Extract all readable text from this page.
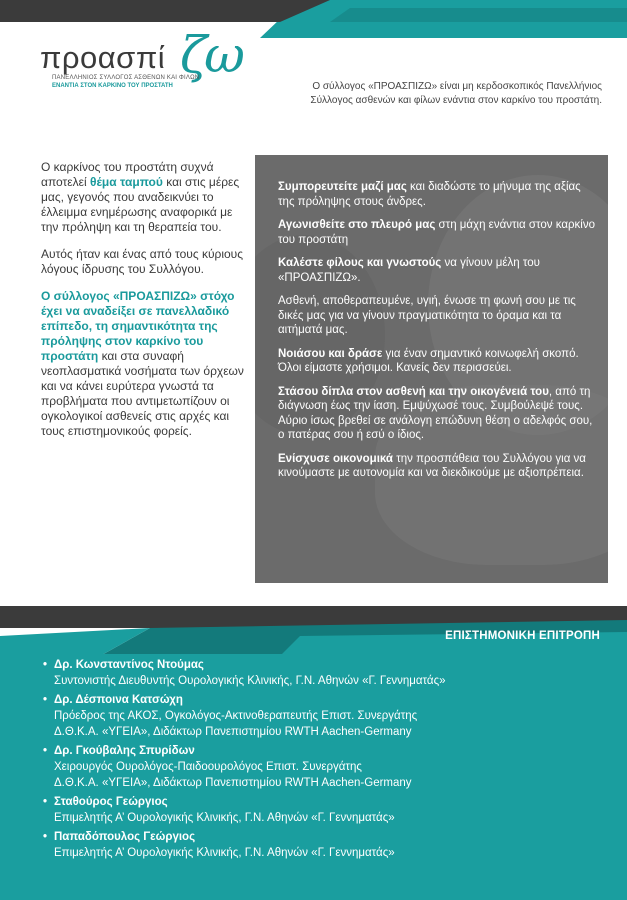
προασπί ζω
ΠΑΝΕΛΛΗΝΙΟΣ ΣΥΛΛΟΓΟΣ ΑΣΘΕΝΩΝ ΚΑΙ ΦΙΛΩΝ
ΕΝΑΝΤΙΑ ΣΤΟΝ ΚΑΡΚΙΝΟ ΤΟΥ ΠΡΟΣΤΑΤΗ	Ο σύλλογος «ΠΡΟΑΣΠΙΖΩ» είναι μη κερδοσκοπικός Πανελλήνιος
Σύλλογος ασθενών και φίλων ενάντια στον καρκίνο του προστάτη.

Ο καρκίνος του προστάτη συχνά αποτελεί θέμα ταμπού και στις μέρες μας, γεγονός που αναδεικνύει το έλλειμμα ενημέρωσης αναφορικά με την πρόληψη και τη θεραπεία του.

Αυτός ήταν και ένας από τους κύριους λόγους ίδρυσης του Συλλόγου.

Ο σύλλογος «ΠΡΟΑΣΠΙΖΩ» στόχο έχει να αναδείξει σε πανελλαδικό επίπεδο, τη σημαντικότητα της πρόληψης στον καρκίνο του προστάτη και στα συναφή νεοπλασματικά νοσήματα των όρχεων και να κάνει ευρύτερα γνωστά τα προβλήματα που αντιμετωπίζουν οι ογκολογικοί ασθενείς στις αρχές και τους επιστημονικούς φορείς.

Συμπορευτείτε μαζί μας και διαδώστε το μήνυμα της αξίας της πρόληψης στους άνδρες.

Αγωνισθείτε στο πλευρό μας στη μάχη ενάντια στον καρκίνο του προστάτη

Καλέστε φίλους και γνωστούς να γίνουν μέλη του «ΠΡΟΑΣΠΙΖΩ».

Ασθενή, αποθεραπευμένε, υγιή, ένωσε τη φωνή σου με τις δικές μας για να γίνουν πραγματικότητα το όραμα και τα αιτήματά μας.

Νοιάσου και δράσε για έναν σημαντικό κοινωφελή σκοπό. Όλοι είμαστε χρήσιμοι. Κανείς δεν περισσεύει.

Στάσου δίπλα στον ασθενή και την οικογένειά του, από τη διάγνωση έως την ίαση. Εμψύχωσέ τους. Συμβούλεψέ τους. Αύριο ίσως βρεθεί σε ανάλογη επώδυνη θέση ο αδελφός σου, ο πατέρας σου ή εσύ ο ίδιος.

Ενίσχυσε οικονομικά την προσπάθεια του Συλλόγου για να κινούμαστε με αυτονομία και να διεκδικούμε με αξιοπρέπεια.

ΕΠΙΣΤΗΜΟΝΙΚΗ ΕΠΙΤΡΟΠΗ
• Δρ. Κωνσταντίνος Ντούμας
Συντονιστής Διευθυντής Ουρολογικής Κλινικής, Γ.Ν. Αθηνών «Γ. Γεννηματάς»
• Δρ. Δέσποινα Κατσώχη
Πρόεδρος της ΑΚΟΣ, Ογκολόγος-Ακτινοθεραπευτής Επιστ. Συνεργάτης
Δ.Θ.Κ.Α. «ΥΓΕΙΑ», Διδάκτωρ Πανεπιστημίου RWTH Aachen-Germany
• Δρ. Γκούβαλης Σπυρίδων
Χειρουργός Ουρολόγος-Παιδοουρολόγος Επιστ. Συνεργάτης
Δ.Θ.Κ.Α. «ΥΓΕΙΑ», Διδάκτωρ Πανεπιστημίου RWTH Aachen-Germany
• Σταθούρος Γεώργιος
Επιμελητής Α’ Ουρολογικής Κλινικής, Γ.Ν. Αθηνών «Γ. Γεννηματάς»
• Παπαδόπουλος Γεώργιος
Επιμελητής Α’ Ουρολογικής Κλινικής, Γ.Ν. Αθηνών «Γ. Γεννηματάς»
